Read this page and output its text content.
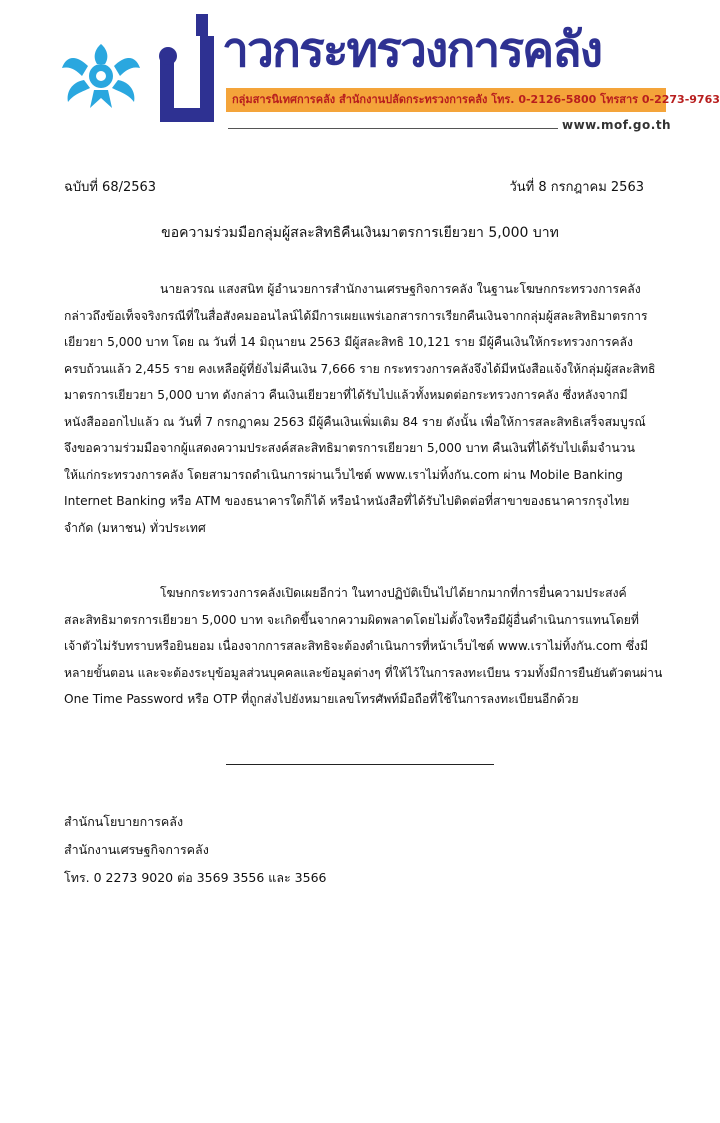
าวกระทรวงการคลัง
กลุ่มสารนิเทศการคลัง สำนักงานปลัดกระทรวงการคลัง โทร. 0-2126-5800 โทรสาร 0-2273-9763
www.mof.go.th
ฉบับที่ 68/2563	วันที่ 8 กรกฎาคม 2563
ขอความร่วมมือกลุ่มผู้สละสิทธิคืนเงินมาตรการเยียวยา 5,000 บาท
นายลวรณ แสงสนิท ผู้อำนวยการสำนักงานเศรษฐกิจการคลัง ในฐานะโฆษกกระทรวงการคลัง
กล่าวถึงข้อเท็จจริงกรณีที่ในสื่อสังคมออนไลน์ได้มีการเผยแพร่เอกสารการเรียกคืนเงินจากกลุ่มผู้สละสิทธิมาตรการ
เยียวยา 5,000 บาท โดย ณ วันที่ 14 มิถุนายน 2563 มีผู้สละสิทธิ 10,121 ราย มีผู้คืนเงินให้กระทรวงการคลัง
ครบถ้วนแล้ว 2,455 ราย คงเหลือผู้ที่ยังไม่คืนเงิน 7,666 ราย กระทรวงการคลังจึงได้มีหนังสือแจ้งให้กลุ่มผู้สละสิทธิ
มาตรการเยียวยา 5,000 บาท ดังกล่าว คืนเงินเยียวยาที่ได้รับไปแล้วทั้งหมดต่อกระทรวงการคลัง ซึ่งหลังจากมี
หนังสือออกไปแล้ว ณ วันที่ 7 กรกฎาคม 2563 มีผู้คืนเงินเพิ่มเติม 84 ราย ดังนั้น เพื่อให้การสละสิทธิเสร็จสมบูรณ์
จึงขอความร่วมมือจากผู้แสดงความประสงค์สละสิทธิมาตรการเยียวยา 5,000 บาท คืนเงินที่ได้รับไปเต็มจำนวน
ให้แก่กระทรวงการคลัง โดยสามารถดำเนินการผ่านเว็บไซต์ www.เราไม่ทิ้งกัน.com ผ่าน Mobile Banking
Internet Banking หรือ ATM ของธนาคารใดก็ได้ หรือนำหนังสือที่ได้รับไปติดต่อที่สาขาของธนาคารกรุงไทย
จำกัด (มหาชน) ทั่วประเทศ
โฆษกกระทรวงการคลังเปิดเผยอีกว่า ในทางปฏิบัติเป็นไปได้ยากมากที่การยื่นความประสงค์
สละสิทธิมาตรการเยียวยา 5,000 บาท จะเกิดขึ้นจากความผิดพลาดโดยไม่ตั้งใจหรือมีผู้อื่นดำเนินการแทนโดยที่
เจ้าตัวไม่รับทราบหรือยินยอม เนื่องจากการสละสิทธิจะต้องดำเนินการที่หน้าเว็บไซต์ www.เราไม่ทิ้งกัน.com ซึ่งมี
หลายขั้นตอน และจะต้องระบุข้อมูลส่วนบุคคลและข้อมูลต่างๆ ที่ให้ไว้ในการลงทะเบียน รวมทั้งมีการยืนยันตัวตนผ่าน
One Time Password หรือ OTP ที่ถูกส่งไปยังหมายเลขโทรศัพท์มือถือที่ใช้ในการลงทะเบียนอีกด้วย
สำนักนโยบายการคลัง
สำนักงานเศรษฐกิจการคลัง
โทร. 0 2273 9020 ต่อ 3569 3556 และ 3566
